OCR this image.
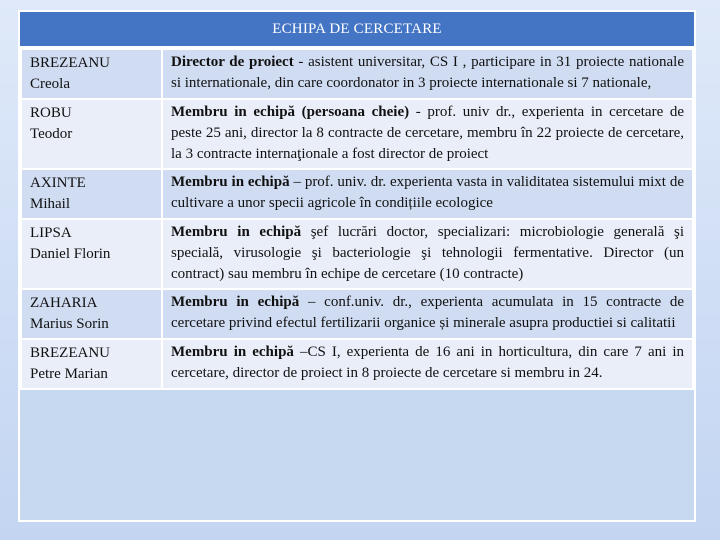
ECHIPA DE CERCETARE
BREZEANU
Creola	Director de proiect - asistent universitar, CS I , participare in 31 proiecte nationale si internationale, din care coordonator in 3 proiecte internationale si 7 nationale,

ROBU
Teodor	Membru in echipă (persoana cheie) - prof. univ dr., experienta in cercetare de peste 25 ani, director la 8 contracte de cercetare, membru în 22 proiecte de cercetare, la 3 contracte internaţionale a fost director de proiect

AXINTE
Mihail	Membru in echipă – prof. univ. dr. experienta vasta in validitatea sistemului mixt de cultivare a unor specii agricole în condițiile ecologice

LIPSA
Daniel Florin	Membru in echipă şef lucrări doctor, specializari: microbiologie generală şi specială, virusologie şi bacteriologie şi tehnologii fermentative. Director (un contract) sau membru în echipe de cercetare (10 contracte)

ZAHARIA
Marius Sorin	Membru in echipă – conf.univ. dr., experienta acumulata in 15 contracte de cercetare privind efectul fertilizarii organice și minerale asupra productiei si calitatii

BREZEANU
Petre Marian	Membru in echipă –CS I, experienta de 16 ani in horticultura, din care 7 ani in cercetare, director de proiect in 8 proiecte de cercetare si membru in 24.
